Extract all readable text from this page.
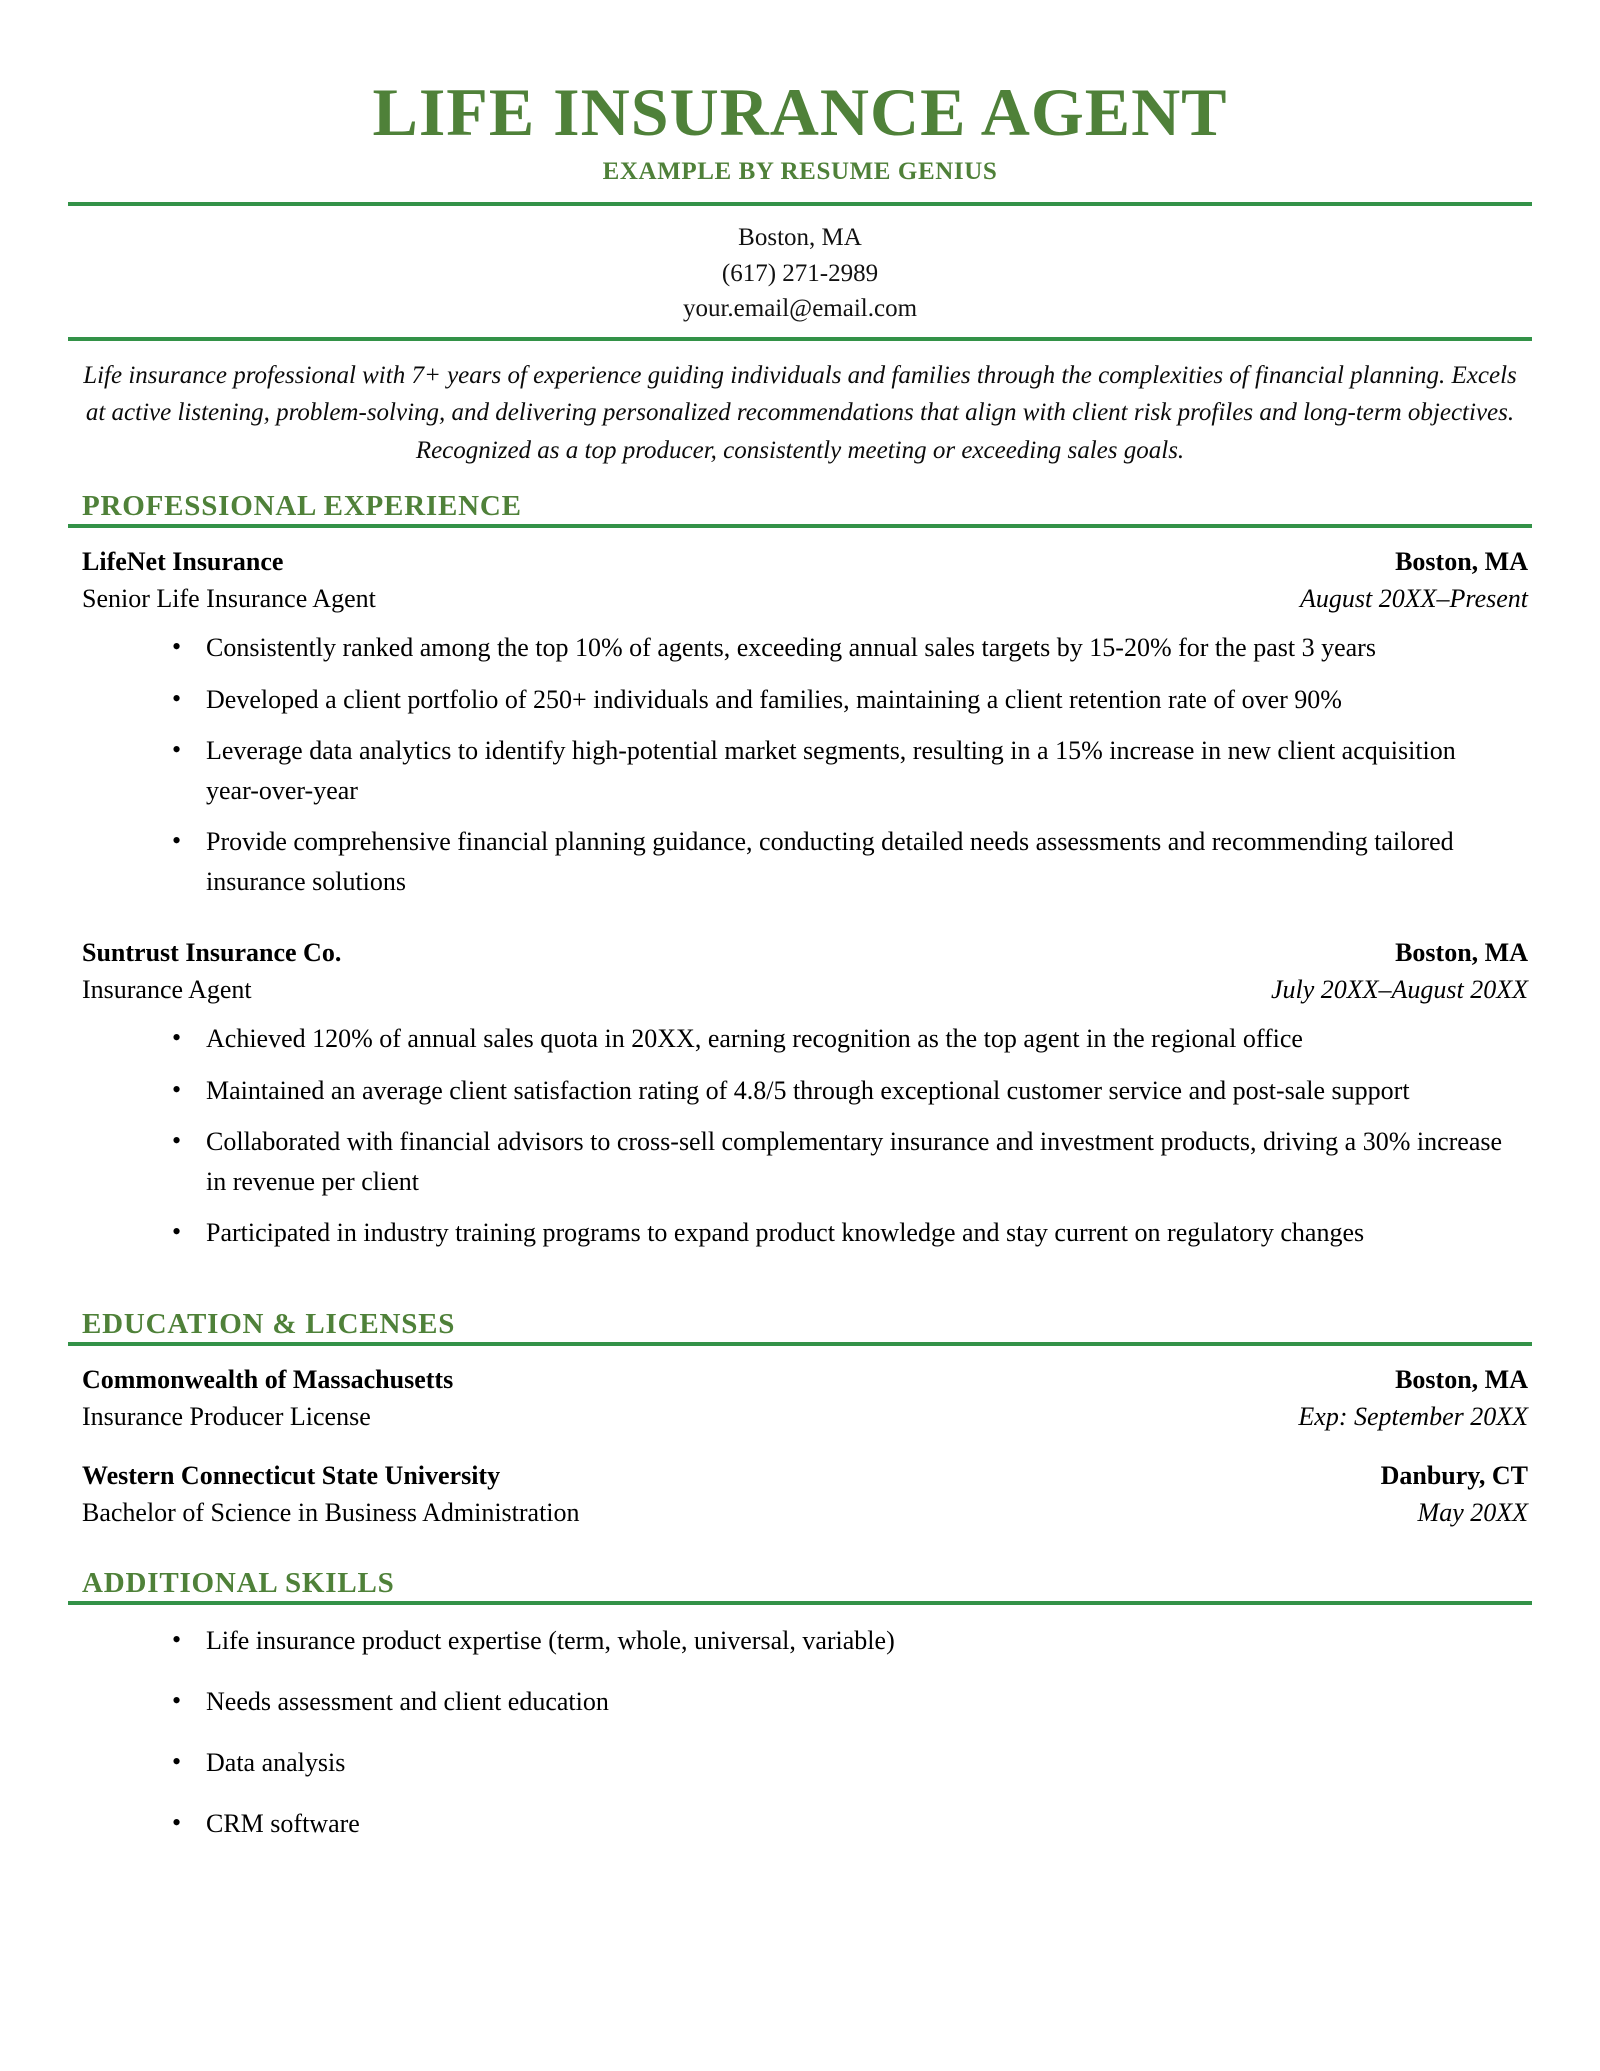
LIFE INSURANCE AGENT
EXAMPLE BY RESUME GENIUS
Boston, MA
(617) 271-2989
your.email@email.com
Life insurance professional with 7+ years of experience guiding individuals and families through the complexities of financial planning. Excels at active listening, problem-solving, and delivering personalized recommendations that align with client risk profiles and long-term objectives. Recognized as a top producer, consistently meeting or exceeding sales goals.
PROFESSIONAL EXPERIENCE
LifeNet Insurance	Boston, MA
Senior Life Insurance Agent	August 20XX–Present
• Consistently ranked among the top 10% of agents, exceeding annual sales targets by 15-20% for the past 3 years
• Developed a client portfolio of 250+ individuals and families, maintaining a client retention rate of over 90%
• Leverage data analytics to identify high-potential market segments, resulting in a 15% increase in new client acquisition year-over-year
• Provide comprehensive financial planning guidance, conducting detailed needs assessments and recommending tailored insurance solutions
Suntrust Insurance Co.	Boston, MA
Insurance Agent	July 20XX–August 20XX
• Achieved 120% of annual sales quota in 20XX, earning recognition as the top agent in the regional office
• Maintained an average client satisfaction rating of 4.8/5 through exceptional customer service and post-sale support
• Collaborated with financial advisors to cross-sell complementary insurance and investment products, driving a 30% increase in revenue per client
• Participated in industry training programs to expand product knowledge and stay current on regulatory changes
EDUCATION & LICENSES
Commonwealth of Massachusetts	Boston, MA
Insurance Producer License	Exp: September 20XX
Western Connecticut State University	Danbury, CT
Bachelor of Science in Business Administration	May 20XX
ADDITIONAL SKILLS
• Life insurance product expertise (term, whole, universal, variable)
• Needs assessment and client education
• Data analysis
• CRM software
